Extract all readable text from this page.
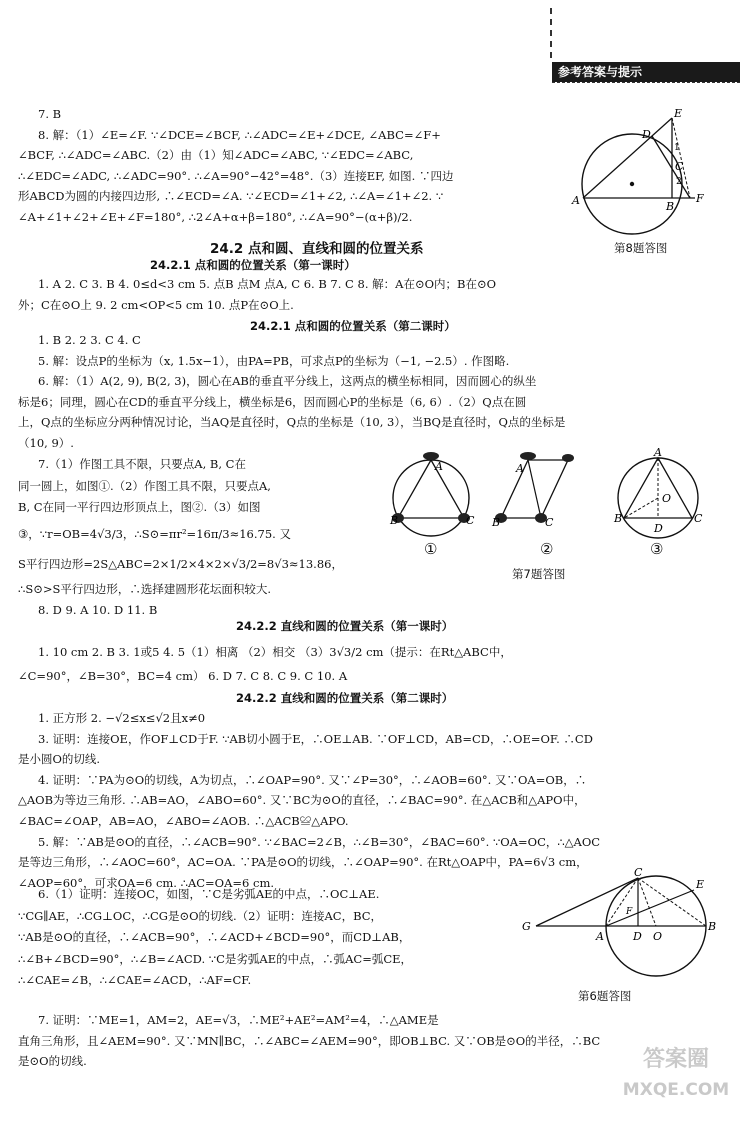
参考答案与提示
7. B
8. 解：（1）∠E=∠F. ∵∠DCE=∠BCF, ∴∠ADC=∠E+∠DCE, ∠ABC=∠F+
∠BCF, ∴∠ADC=∠ABC.（2）由（1）知∠ADC=∠ABC, ∵∠EDC=∠ABC,
∴∠EDC=∠ADC, ∴∠ADC=90°. ∴∠A=90°−42°=48°.（3）连接EF, 如图. ∵四边
形ABCD为圆的内接四边形, ∴∠ECD=∠A. ∵∠ECD=∠1+∠2, ∴∠A=∠1+∠2. ∵
∠A+∠1+∠2+∠E+∠F=180°, ∴2∠A+α+β=180°, ∴∠A=90°−(α+β)/2.
E
D
C
1
2
A	B
F
第8题答图
24.2 点和圆、直线和圆的位置关系
24.2.1 点和圆的位置关系（第一课时）
1. A 2. C 3. B 4. 0≤d<3 cm 5. 点B 点M 点A, C 6. B 7. C 8. 解：A在⊙O内；B在⊙O
外；C在⊙O上 9. 2 cm<OP<5 cm 10. 点P在⊙O上.
24.2.1 点和圆的位置关系（第二课时）
1. B 2. 2 3. C 4. C
5. 解：设点P的坐标为（x, 1.5x−1），由PA=PB，可求点P的坐标为（−1, −2.5）. 作图略.
6. 解：（1）A(2, 9), B(2, 3)，圆心在AB的垂直平分线上，这两点的横坐标相同，因而圆心的纵坐
标是6；同理，圆心在CD的垂直平分线上，横坐标是6，因而圆心P的坐标是（6, 6）.（2）Q点在圆
上，Q点的坐标应分两种情况讨论，当AQ是直径时，Q点的坐标是（10, 3），当BQ是直径时，Q点的坐标是
（10, 9）.
7.（1）作图工具不限，只要点A, B, C在
同一圆上，如图①.（2）作图工具不限，只要点A,
B, C在同一平行四边形顶点上，图②.（3）如图
③，∵r=OB=4√3/3，∴S⊙=πr²=16π/3≈16.75. 又
S平行四边形=2S△ABC=2×1/2×4×2×√3/2=8√3≈13.86，
∴S⊙>S平行四边形，∴选择建圆形花坛面积较大.
8. D 9. A 10. D 11. B
A
B	C
A
B	C
A
O
B	C
D
①	②	③
第7题答图
24.2.2 直线和圆的位置关系（第一课时）
1. 10 cm 2. B 3. 1或5 4. 5（1）相离 （2）相交 （3）3√3/2 cm（提示：在Rt△ABC中，
∠C=90°，∠B=30°，BC=4 cm） 6. D 7. C 8. C 9. C 10. A
24.2.2 直线和圆的位置关系（第二课时）
1. 正方形 2. −√2≤x≤√2且x≠0
3. 证明：连接OE，作OF⊥CD于F. ∵AB切小圆于E，∴OE⊥AB. ∵OF⊥CD，AB=CD，∴OE=OF. ∴CD
是小圆O的切线.
4. 证明：∵PA为⊙O的切线，A为切点，∴∠OAP=90°. 又∵∠P=30°，∴∠AOB=60°. 又∵OA=OB，∴
△AOB为等边三角形. ∴AB=AO，∠ABO=60°. 又∵BC为⊙O的直径，∴∠BAC=90°. 在△ACB和△APO中，
∠BAC=∠OAP，AB=AO，∠ABO=∠AOB. ∴△ACB≌△APO.
5. 解：∵AB是⊙O的直径，∴∠ACB=90°. ∵∠BAC=2∠B，∴∠B=30°，∠BAC=60°. ∵OA=OC，∴△AOC
是等边三角形，∴∠AOC=60°，AC=OA. ∵PA是⊙O的切线，∴∠OAP=90°. 在Rt△OAP中，PA=6√3 cm，
∠AOP=60°，可求OA=6 cm. ∴AC=OA=6 cm.
6.（1）证明：连接OC，如图，∵C是劣弧AE的中点，∴OC⊥AE.
∵CG∥AE，∴CG⊥OC，∴CG是⊙O的切线.（2）证明：连接AC，BC，
∵AB是⊙O的直径，∴∠ACB=90°，∴∠ACD+∠BCD=90°，而CD⊥AB，
∴∠B+∠BCD=90°，∴∠B=∠ACD. ∵C是劣弧AE的中点，∴弧AC=弧CE，
∴∠CAE=∠B，∴∠CAE=∠ACD，∴AF=CF.
C
E
G
F
A	D O
B
第6题答图
7. 证明：∵ME=1，AM=2，AE=√3，∴ME²+AE²=AM²=4，∴△AME是
直角三角形，且∠AEM=90°. 又∵MN∥BC，∴∠ABC=∠AEM=90°，即OB⊥BC. 又∵OB是⊙O的半径，∴BC
是⊙O的切线.	答案圈
MXQE.COM
